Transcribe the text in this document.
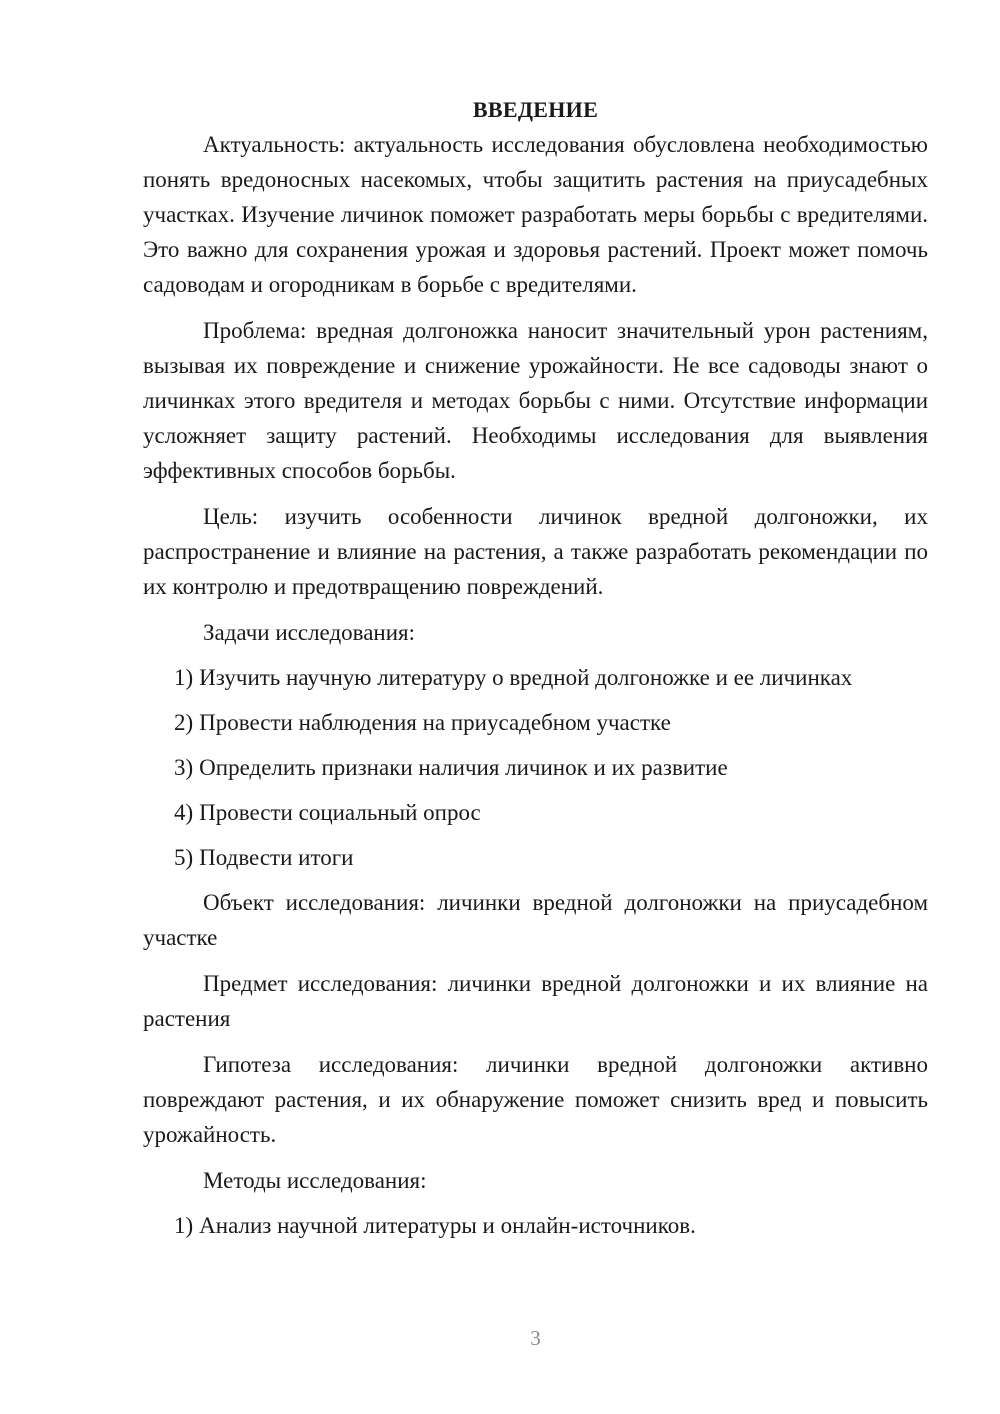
ВВЕДЕНИЕ

Актуальность: актуальность исследования обусловлена необходимостью понять вредоносных насекомых, чтобы защитить растения на приусадебных участках. Изучение личинок поможет разработать меры борьбы с вредителями. Это важно для сохранения урожая и здоровья растений. Проект может помочь садоводам и огородникам в борьбе с вредителями.

Проблема: вредная долгоножка наносит значительный урон растениям, вызывая их повреждение и снижение урожайности. Не все садоводы знают о личинках этого вредителя и методах борьбы с ними. Отсутствие информации усложняет защиту растений. Необходимы исследования для выявления эффективных способов борьбы.

Цель: изучить особенности личинок вредной долгоножки, их распространение и влияние на растения, а также разработать рекомендации по их контролю и предотвращению повреждений.

Задачи исследования:

1) Изучить научную литературу о вредной долгоножке и ее личинках
2) Провести наблюдения на приусадебном участке
3) Определить признаки наличия личинок и их развитие
4) Провести социальный опрос
5) Подвести итоги

Объект исследования: личинки вредной долгоножки на приусадебном участке

Предмет исследования: личинки вредной долгоножки и их влияние на растения

Гипотеза исследования: личинки вредной долгоножки активно повреждают растения, и их обнаружение поможет снизить вред и повысить урожайность.

Методы исследования:

1) Анализ научной литературы и онлайн-источников.
3
